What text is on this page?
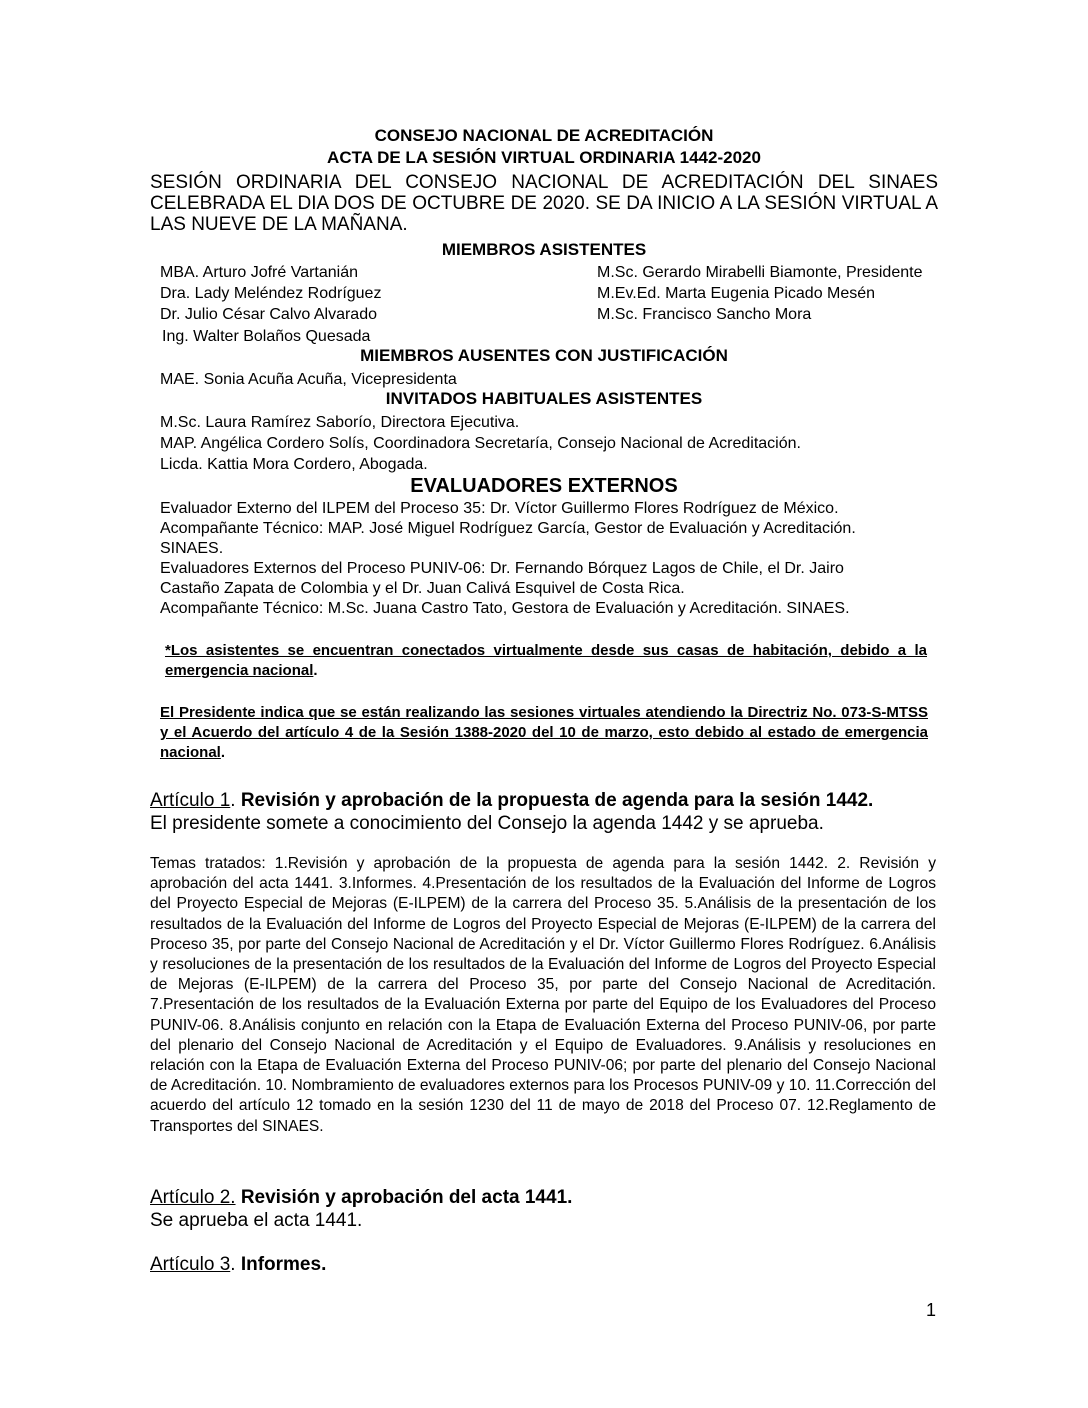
CONSEJO NACIONAL DE ACREDITACIÓN
ACTA DE LA SESIÓN VIRTUAL ORDINARIA 1442-2020
SESIÓN ORDINARIA DEL CONSEJO NACIONAL DE ACREDITACIÓN DEL SINAES CELEBRADA EL DIA DOS DE OCTUBRE DE 2020. SE DA INICIO A LA SESIÓN VIRTUAL A LAS NUEVE DE LA MAÑANA.
MIEMBROS ASISTENTES
MBA. Arturo Jofré Vartanián
Dra. Lady Meléndez Rodríguez
Dr. Julio César Calvo Alvarado
Ing. Walter Bolaños Quesada
M.Sc. Gerardo Mirabelli Biamonte, Presidente
M.Ev.Ed. Marta Eugenia Picado Mesén
M.Sc. Francisco Sancho Mora
MIEMBROS AUSENTES CON JUSTIFICACIÓN
MAE. Sonia Acuña Acuña, Vicepresidenta
INVITADOS HABITUALES ASISTENTES
M.Sc. Laura Ramírez Saborío, Directora Ejecutiva.
MAP. Angélica Cordero Solís, Coordinadora Secretaría, Consejo Nacional de Acreditación.
Licda. Kattia Mora Cordero, Abogada.
EVALUADORES EXTERNOS
Evaluador Externo del ILPEM del Proceso 35: Dr. Víctor Guillermo Flores Rodríguez de México.
Acompañante Técnico: MAP. José Miguel Rodríguez García, Gestor de Evaluación y Acreditación.
SINAES.
Evaluadores Externos del Proceso PUNIV-06: Dr. Fernando Bórquez Lagos de Chile, el Dr. Jairo
Castaño Zapata de Colombia y el Dr. Juan Calivá Esquivel de Costa Rica.
Acompañante Técnico: M.Sc. Juana Castro Tato, Gestora de Evaluación y Acreditación. SINAES.
*Los asistentes se encuentran conectados virtualmente desde sus casas de habitación, debido a la emergencia nacional.
El Presidente indica que se están realizando las sesiones virtuales atendiendo la Directriz No. 073-S-MTSS y el Acuerdo del artículo 4 de la Sesión 1388-2020 del 10 de marzo, esto debido al estado de emergencia nacional.
Artículo 1. Revisión y aprobación de la propuesta de agenda para la sesión 1442.
El presidente somete a conocimiento del Consejo la agenda 1442 y se aprueba.
Temas tratados: 1.Revisión y aprobación de la propuesta de agenda para la sesión 1442. 2. Revisión y aprobación del acta 1441. 3.Informes. 4.Presentación de los resultados de la Evaluación del Informe de Logros del Proyecto Especial de Mejoras (E-ILPEM) de la carrera del Proceso 35. 5.Análisis de la presentación de los resultados de la Evaluación del Informe de Logros del Proyecto Especial de Mejoras (E-ILPEM) de la carrera del Proceso 35, por parte del Consejo Nacional de Acreditación y el Dr. Víctor Guillermo Flores Rodríguez. 6.Análisis y resoluciones de la presentación de los resultados de la Evaluación del Informe de Logros del Proyecto Especial de Mejoras (E-ILPEM) de la carrera del Proceso 35, por parte del Consejo Nacional de Acreditación. 7.Presentación de los resultados de la Evaluación Externa por parte del Equipo de los Evaluadores del Proceso PUNIV-06. 8.Análisis conjunto en relación con la Etapa de Evaluación Externa del Proceso PUNIV-06, por parte del plenario del Consejo Nacional de Acreditación y el Equipo de Evaluadores. 9.Análisis y resoluciones en relación con la Etapa de Evaluación Externa del Proceso PUNIV-06; por parte del plenario del Consejo Nacional de Acreditación. 10. Nombramiento de evaluadores externos para los Procesos PUNIV-09 y 10. 11.Corrección del acuerdo del artículo 12 tomado en la sesión 1230 del 11 de mayo de 2018 del Proceso 07. 12.Reglamento de Transportes del SINAES.
Artículo 2. Revisión y aprobación del acta 1441.
Se aprueba el acta 1441.
Artículo 3. Informes.
1
